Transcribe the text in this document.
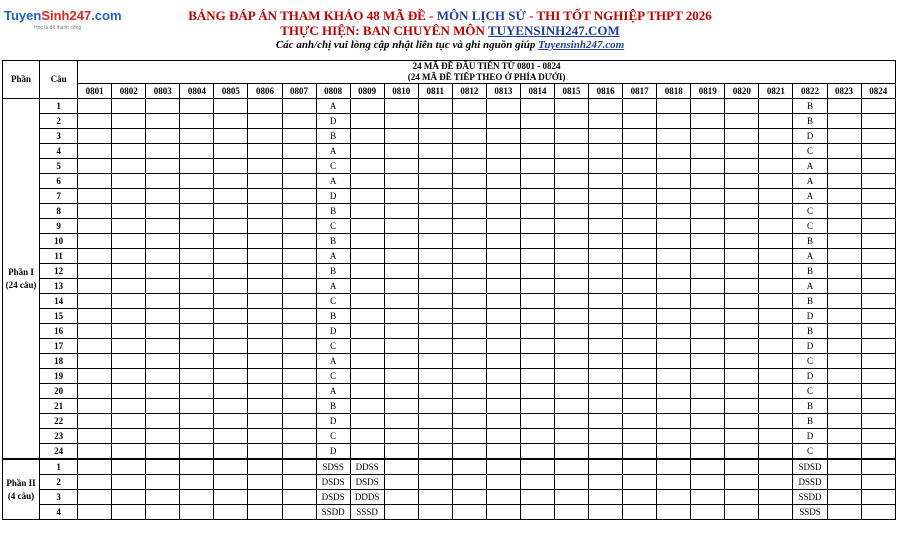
TuyenSinh247.com
Học là để thành công
BẢNG ĐÁP ÁN THAM KHẢO 48 MÃ ĐỀ - MÔN LỊCH SỬ - THI TỐT NGHIỆP THPT 2026
THỰC HIỆN: BAN CHUYÊN MÔN TUYENSINH247.COM
Các anh/chị vui lòng cập nhật liên tục và ghi nguồn giúp Tuyensinh247.com
Phần	Câu	24 MÃ ĐỀ ĐẦU TIÊN TỪ 0801 - 0824
(24 MÃ ĐỀ TIẾP THEO Ở PHÍA DƯỚI)																							

		0801	0802	0803	0804	0805	0806	0807	0808	0809	0810	0811	0812	0813	0814	0815	0816	0817	0818	0819	0820	0821	0822	0823	0824
Phần I
(24 câu)	1								A														B		
	2								D														B		
	3								B														D		
	4								A														C		
	5								C														A		
	6								A														A		
	7								D														A		
	8								B														C		
	9								C														C		
	10								B														B		
	11								A														A		
	12								B														B		
	13								A														A		
	14								C														B		
	15								B														D		
	16								D														B		
	17								C														D		
	18								A														C		
	19								C														D		
	20								A														C		
	21								B														B		
	22								D														B		
	23								C														D		
	24								D														C		
Phần II
(4 câu)	1								SDSS	DDSS													SDSD		
	2								DSDS	DSDS													DSSD		
	3								DSDS	DDDS													SSDD		
	4								SSDD	SSSD													SSDS		
